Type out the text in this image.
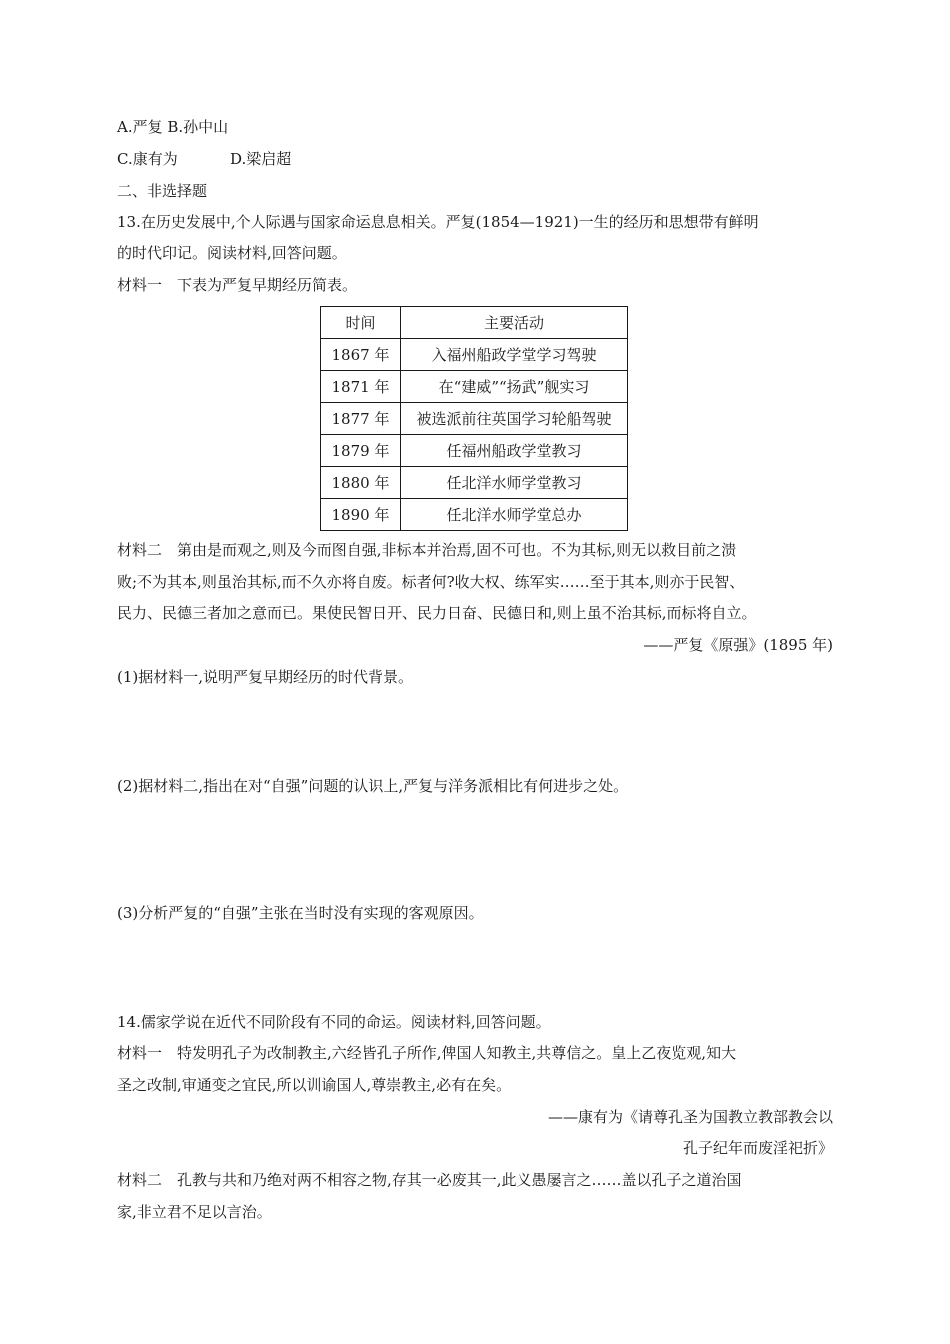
A.严复 B.孙中山
C.康有为	D.梁启超
二、非选择题
13.在历史发展中,个人际遇与国家命运息息相关。严复(1854—1921)一生的经历和思想带有鲜明
的时代印记。阅读材料,回答问题。
材料一　下表为严复早期经历简表。
时间	主要活动
1867 年	入福州船政学堂学习驾驶
1871 年	在“建威”“扬武”舰实习
1877 年	被选派前往英国学习轮船驾驶
1879 年	任福州船政学堂教习
1880 年	任北洋水师学堂教习
1890 年	任北洋水师学堂总办
材料二　第由是而观之,则及今而图自强,非标本并治焉,固不可也。不为其标,则无以救目前之溃
败;不为其本,则虽治其标,而不久亦将自废。标者何?收大权、练军实……至于其本,则亦于民智、
民力、民德三者加之意而已。果使民智日开、民力日奋、民德日和,则上虽不治其标,而标将自立。
——严复《原强》(1895 年)
(1)据材料一,说明严复早期经历的时代背景。
(2)据材料二,指出在对“自强”问题的认识上,严复与洋务派相比有何进步之处。
(3)分析严复的“自强”主张在当时没有实现的客观原因。
14.儒家学说在近代不同阶段有不同的命运。阅读材料,回答问题。
材料一　特发明孔子为改制教主,六经皆孔子所作,俾国人知教主,共尊信之。皇上乙夜览观,知大
圣之改制,审通变之宜民,所以训谕国人,尊崇教主,必有在矣。
——康有为《请尊孔圣为国教立教部教会以
孔子纪年而废淫祀折》
材料二　孔教与共和乃绝对两不相容之物,存其一必废其一,此义愚屡言之……盖以孔子之道治国
家,非立君不足以言治。
